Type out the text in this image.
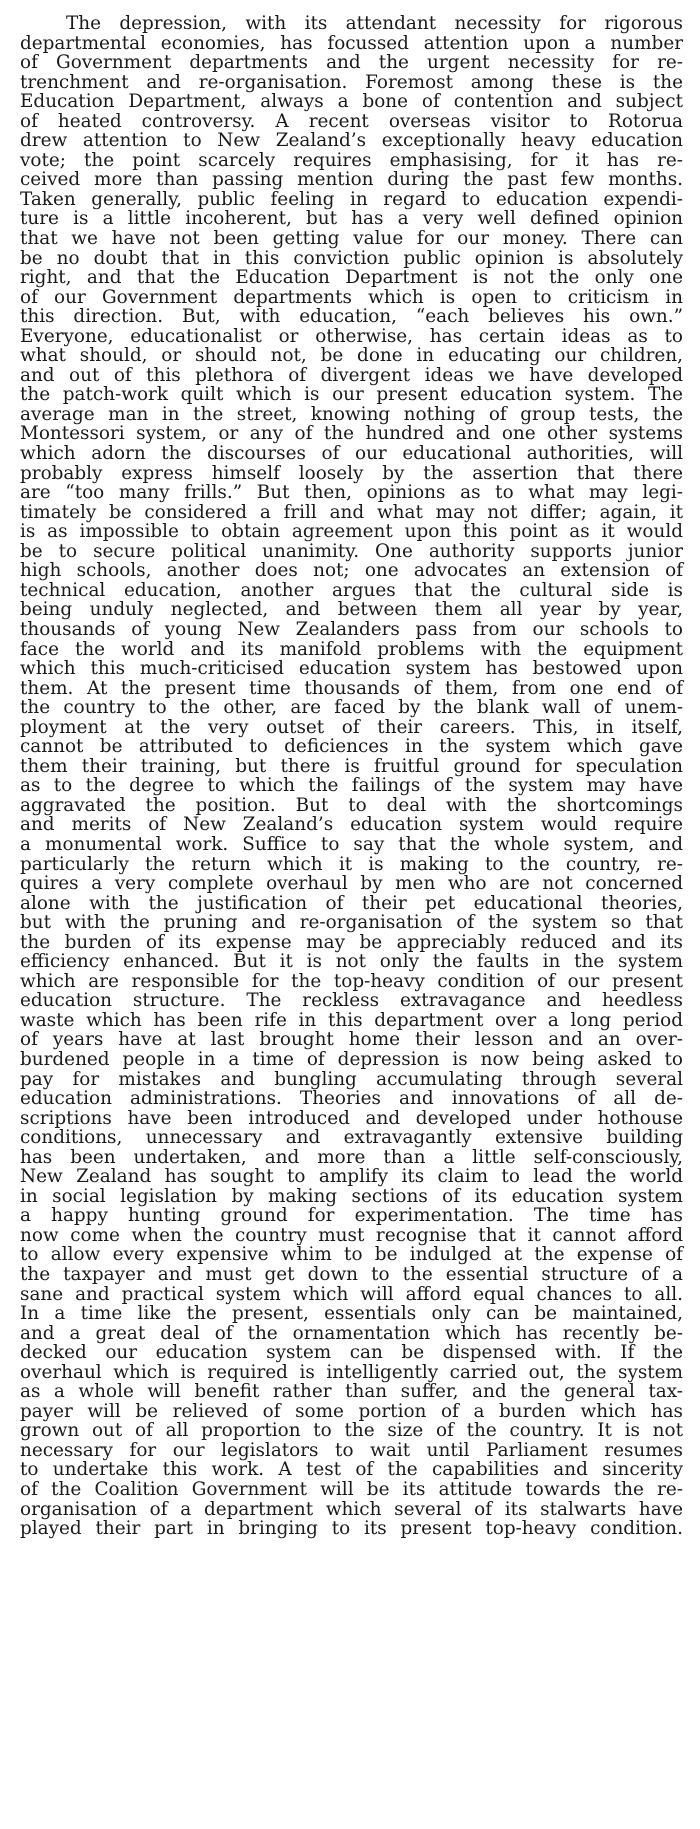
The depression, with its attendant necessity for rigorous
departmental economies, has focussed attention upon a number
of Government departments and the urgent necessity for re-
trenchment and re-organisation. Foremost among these is the
Education Department, always a bone of contention and subject
of heated controversy. A recent overseas visitor to Rotorua
drew attention to New Zealand’s exceptionally heavy education
vote; the point scarcely requires emphasising, for it has re-
ceived more than passing mention during the past few months.
Taken generally, public feeling in regard to education expendi-
ture is a little incoherent, but has a very well defined opinion
that we have not been getting value for our money. There can
be no doubt that in this conviction public opinion is absolutely
right, and that the Education Department is not the only one
of our Government departments which is open to criticism in
this direction. But, with education, “each believes his own.”
Everyone, educationalist or otherwise, has certain ideas as to
what should, or should not, be done in educating our children,
and out of this plethora of divergent ideas we have developed
the patch-work quilt which is our present education system. The
average man in the street, knowing nothing of group tests, the
Montessori system, or any of the hundred and one other systems
which adorn the discourses of our educational authorities, will
probably express himself loosely by the assertion that there
are “too many frills.” But then, opinions as to what may legi-
timately be considered a frill and what may not differ; again, it
is as impossible to obtain agreement upon this point as it would
be to secure political unanimity. One authority supports junior
high schools, another does not; one advocates an extension of
technical education, another argues that the cultural side is
being unduly neglected, and between them all year by year,
thousands of young New Zealanders pass from our schools to
face the world and its manifold problems with the equipment
which this much-criticised education system has bestowed upon
them. At the present time thousands of them, from one end of
the country to the other, are faced by the blank wall of unem-
ployment at the very outset of their careers. This, in itself,
cannot be attributed to deficiences in the system which gave
them their training, but there is fruitful ground for speculation
as to the degree to which the failings of the system may have
aggravated the position. But to deal with the shortcomings
and merits of New Zealand’s education system would require
a monumental work. Suffice to say that the whole system, and
particularly the return which it is making to the country, re-
quires a very complete overhaul by men who are not concerned
alone with the justification of their pet educational theories,
but with the pruning and re-organisation of the system so that
the burden of its expense may be appreciably reduced and its
efficiency enhanced. But it is not only the faults in the system
which are responsible for the top-heavy condition of our present
education structure. The reckless extravagance and heedless
waste which has been rife in this department over a long period
of years have at last brought home their lesson and an over-
burdened people in a time of depression is now being asked to
pay for mistakes and bungling accumulating through several
education administrations. Theories and innovations of all de-
scriptions have been introduced and developed under hothouse
conditions, unnecessary and extravagantly extensive building
has been undertaken, and more than a little self-consciously,
New Zealand has sought to amplify its claim to lead the world
in social legislation by making sections of its education system
a happy hunting ground for experimentation. The time has
now come when the country must recognise that it cannot afford
to allow every expensive whim to be indulged at the expense of
the taxpayer and must get down to the essential structure of a
sane and practical system which will afford equal chances to all.
In a time like the present, essentials only can be maintained,
and a great deal of the ornamentation which has recently be-
decked our education system can be dispensed with. If the
overhaul which is required is intelligently carried out, the system
as a whole will benefit rather than suffer, and the general tax-
payer will be relieved of some portion of a burden which has
grown out of all proportion to the size of the country. It is not
necessary for our legislators to wait until Parliament resumes
to undertake this work. A test of the capabilities and sincerity
of the Coalition Government will be its attitude towards the re-
organisation of a department which several of its stalwarts have
played their part in bringing to its present top-heavy condition.
